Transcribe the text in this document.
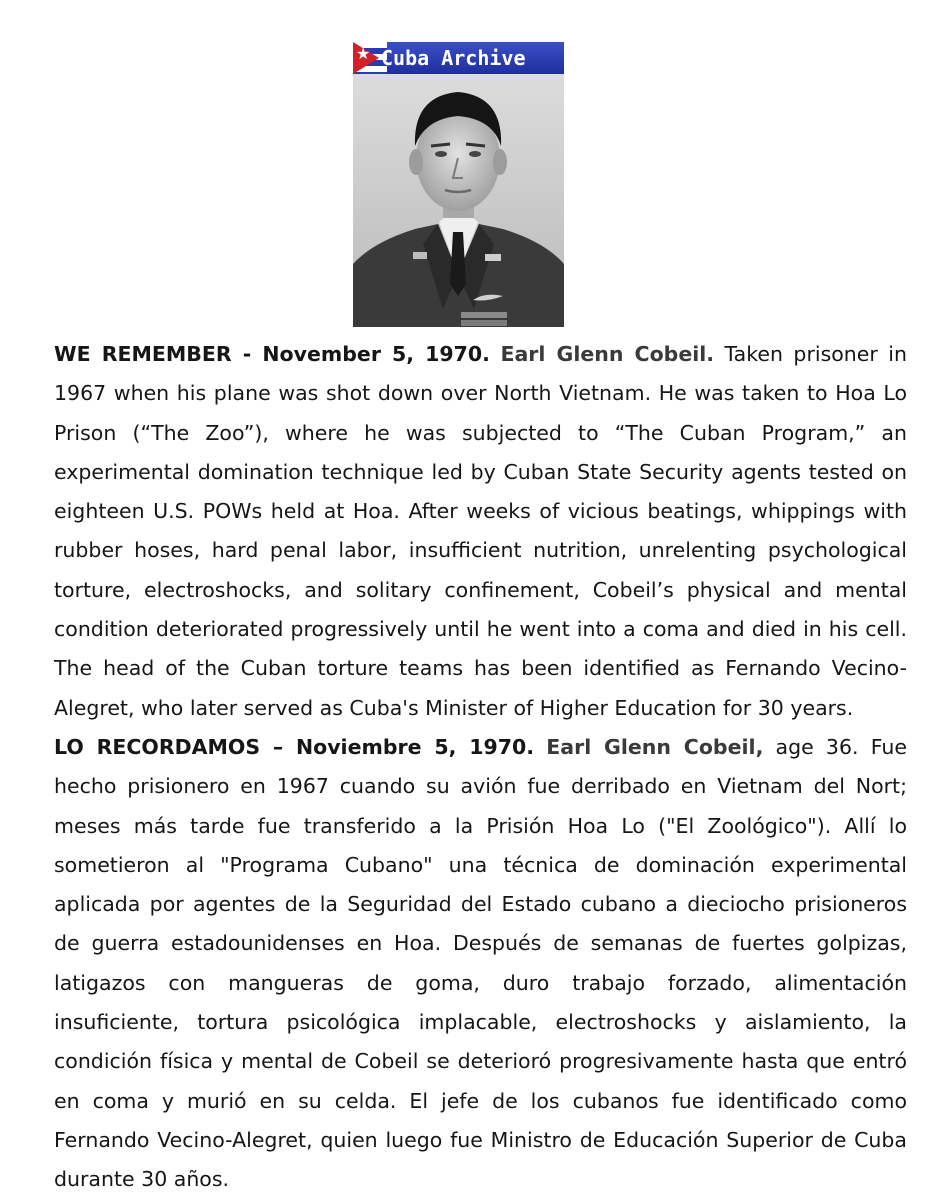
★ Cuba Archive

WE REMEMBER - November 5, 1970. Earl Glenn Cobeil. Taken prisoner in 1967 when his plane was shot down over North Vietnam. He was taken to Hoa Lo Prison (“The Zoo”), where he was subjected to “The Cuban Program,” an experimental domination technique led by Cuban State Security agents tested on eighteen U.S. POWs held at Hoa. After weeks of vicious beatings, whippings with rubber hoses, hard penal labor, insufficient nutrition, unrelenting psychological torture, electroshocks, and solitary confinement, Cobeil’s physical and mental condition deteriorated progressively until he went into a coma and died in his cell. The head of the Cuban torture teams has been identified as Fernando Vecino-Alegret, who later served as Cuba's Minister of Higher Education for 30 years.

LO RECORDAMOS – Noviembre 5, 1970. Earl Glenn Cobeil, age 36. Fue hecho prisionero en 1967 cuando su avión fue derribado en Vietnam del Nort; meses más tarde fue transferido a la Prisión Hoa Lo ("El Zoológico"). Allí lo sometieron al "Programa Cubano" una técnica de dominación experimental aplicada por agentes de la Seguridad del Estado cubano a dieciocho prisioneros de guerra estadounidenses en Hoa. Después de semanas de fuertes golpizas, latigazos con mangueras de goma, duro trabajo forzado, alimentación insuficiente, tortura psicológica implacable, electroshocks y aislamiento, la condición física y mental de Cobeil se deterioró progresivamente hasta que entró en coma y murió en su celda. El jefe de los cubanos fue identificado como Fernando Vecino-Alegret, quien luego fue Ministro de Educación Superior de Cuba durante 30 años.
